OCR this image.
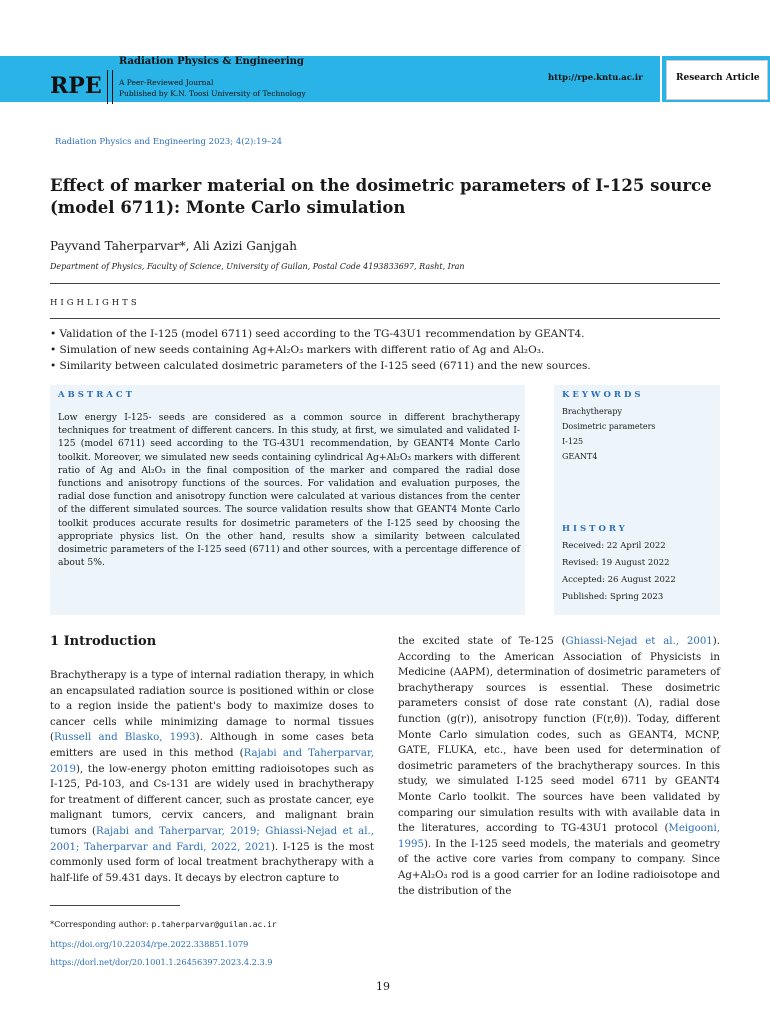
RPE
Radiation Physics & Engineering
A Peer-Reviewed Journal
Published by K.N. Toosi University of Technology
http://rpe.kntu.ac.ir	Research Article
Radiation Physics and Engineering 2023; 4(2):19–24
Effect of marker material on the dosimetric parameters of I-125 source (model 6711): Monte Carlo simulation
Payvand Taherparvar*, Ali Azizi Ganjgah
Department of Physics, Faculty of Science, University of Guilan, Postal Code 4193833697, Rasht, Iran
HIGHLIGHTS
• Validation of the I-125 (model 6711) seed according to the TG-43U1 recommendation by GEANT4.
• Simulation of new seeds containing Ag+Al₂O₃ markers with different ratio of Ag and Al₂O₃.
• Similarity between calculated dosimetric parameters of the I-125 seed (6711) and the new sources.
ABSTRACT
Low energy I-125- seeds are considered as a common source in different brachytherapy techniques for treatment of different cancers. In this study, at first, we simulated and validated I-125 (model 6711) seed according to the TG-43U1 recommendation, by GEANT4 Monte Carlo toolkit. Moreover, we simulated new seeds containing cylindrical Ag+Al₂O₃ markers with different ratio of Ag and Al₂O₃ in the final composition of the marker and compared the radial dose functions and anisotropy functions of the sources. For validation and evaluation purposes, the radial dose function and anisotropy function were calculated at various distances from the center of the different simulated sources. The source validation results show that GEANT4 Monte Carlo toolkit produces accurate results for dosimetric parameters of the I-125 seed by choosing the appropriate physics list. On the other hand, results show a similarity between calculated dosimetric parameters of the I-125 seed (6711) and other sources, with a percentage difference of about 5%.
KEYWORDS
Brachytherapy
Dosimetric parameters
I-125
GEANT4
HISTORY
Received: 22 April 2022
Revised: 19 August 2022
Accepted: 26 August 2022
Published: Spring 2023
1 Introduction
Brachytherapy is a type of internal radiation therapy, in which an encapsulated radiation source is positioned within or close to a region inside the patient's body to maximize doses to cancer cells while minimizing damage to normal tissues (Russell and Blasko, 1993). Although in some cases beta emitters are used in this method (Rajabi and Taherparvar, 2019), the low-energy photon emitting radioisotopes such as I-125, Pd-103, and Cs-131 are widely used in brachytherapy for treatment of different cancer, such as prostate cancer, eye malignant tumors, cervix cancers, and malignant brain tumors (Rajabi and Taherparvar, 2019; Ghiassi-Nejad et al., 2001; Taherparvar and Fardi, 2022, 2021). I-125 is the most commonly used form of local treatment brachytherapy with a half-life of 59.431 days. It decays by electron capture to
the excited state of Te-125 (Ghiassi-Nejad et al., 2001). According to the American Association of Physicists in Medicine (AAPM), determination of dosimetric parameters of brachytherapy sources is essential. These dosimetric parameters consist of dose rate constant (Λ), radial dose function (g(r)), anisotropy function (F(r,θ)). Today, different Monte Carlo simulation codes, such as GEANT4, MCNP, GATE, FLUKA, etc., have been used for determination of dosimetric parameters of the brachytherapy sources. In this study, we simulated I-125 seed model 6711 by GEANT4 Monte Carlo toolkit. The sources have been validated by comparing our simulation results with with available data in the literatures, according to TG-43U1 protocol (Meigooni, 1995). In the I-125 seed models, the materials and geometry of the active core varies from company to company. Since Ag+Al₂O₃ rod is a good carrier for an Iodine radioisotope and the distribution of the
*Corresponding author: p.taherparvar@guilan.ac.ir
https://doi.org/10.22034/rpe.2022.338851.1079
https://dorl.net/dor/20.1001.1.26456397.2023.4.2.3.9
19
